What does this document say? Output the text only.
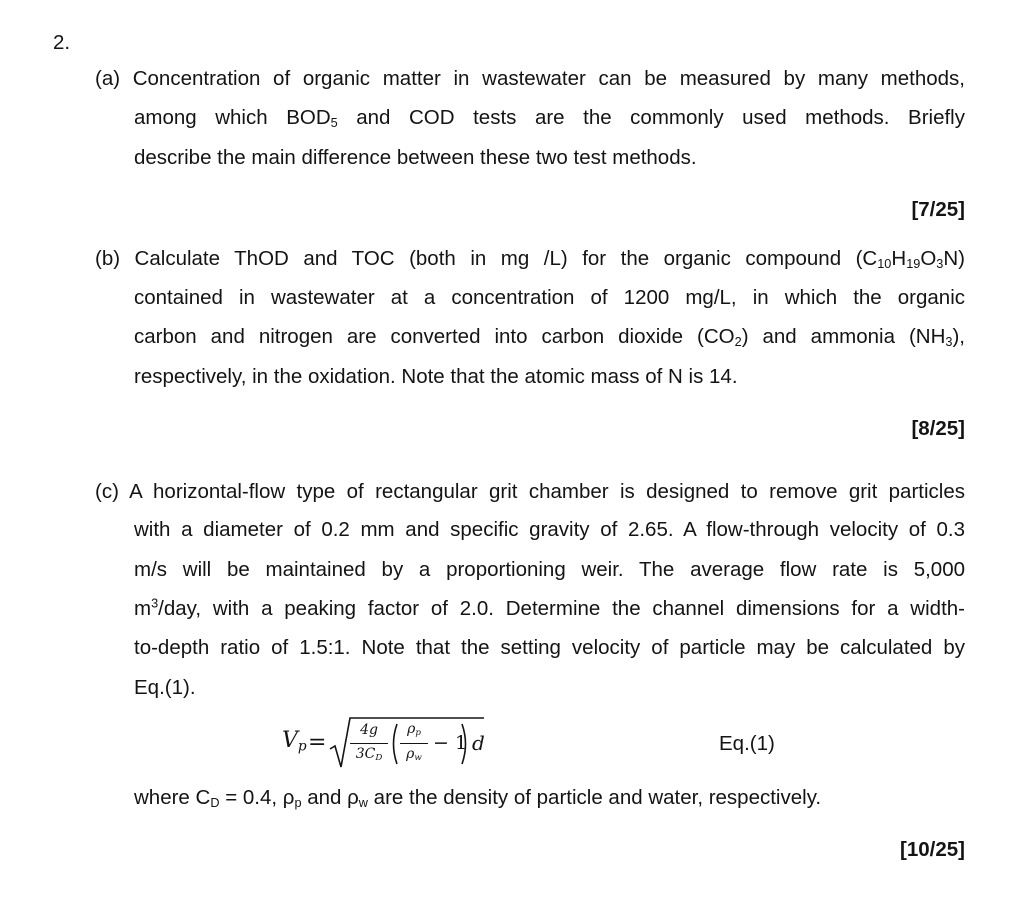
2.
(a) Concentration of organic matter in wastewater can be measured by many methods,
among which $BOD_5$ and COD tests are the commonly used methods. Briefly
describe the main difference between these two test methods.
[7/25]
(b) Calculate ThOD and TOC (both in mg /L) for the organic compound $(C_{10}H_{19}O_3N)$
contained in wastewater at a concentration of 1200 mg/L, in which the organic
carbon and nitrogen are converted into carbon dioxide $(CO_2)$ and ammonia $(NH_3)$,
respectively, in the oxidation. Note that the atomic mass of N is 14.
[8/25]
(c) A horizontal-flow type of rectangular grit chamber is designed to remove grit particles
with a diameter of 0.2 mm and specific gravity of 2.65. A flow-through velocity of 0.3
m/s will be maintained by a proportioning weir. The average flow rate is 5,000
$m^3$/day, with a peaking factor of 2.0. Determine the channel dimensions for a width-
to-depth ratio of 1.5:1. Note that the setting velocity of particle may be calculated by
Eq.(1).
$V_p$ =	4g
$3C_D$
$\rho_p$
$\rho_w$
− 1 d	Eq.(1)
where $C_D = 0.4$, $\rho_p$ and $\rho_w$ are the density of particle and water, respectively.
[10/25]
